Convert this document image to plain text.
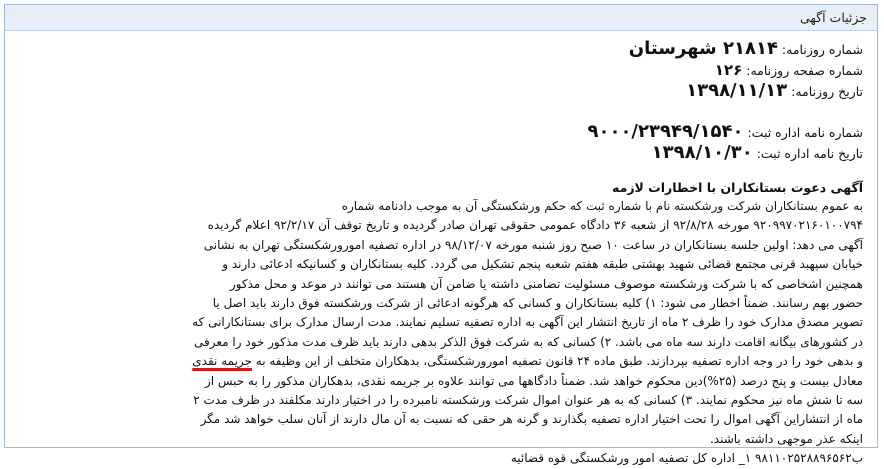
جزئیات آگهی
شماره روزنامه: ۲۱۸۱۴ شهرستان
شماره صفحه روزنامه: ۱۲۶
تاریخ روزنامه: ۱۳۹۸/۱۱/۱۳
شماره نامه اداره ثبت: ۹۰۰۰/۲۳۹۴۹/۱۵۴۰
تاریخ نامه اداره ثبت: ۱۳۹۸/۱۰/۳۰
آگهی دعوت بستانکاران با اخطارات لازمه
به عموم بستانکاران شرکت ورشکسته نام با شماره ثبت که حکم ورشکستگی آن به موجب دادنامه شماره
۹۲۰۹۹۷۰۲۱۶۰۱۰۰۷۹۴ مورخه ۹۲/۸/۲۸ از شعبه ۳۶ دادگاه عمومی حقوقی تهران صادر گردیده و تاریخ توقف آن ۹۲/۲/۱۷ اعلام گردیده
آگهی می دهد: اولین جلسه بستانکاران در ساعت ۱۰ صبح روز شنبه مورخه ۹۸/۱۲/۰۷ در اداره تصفیه امورورشکستگی تهران به نشانی
خیابان سپهبد قرنی مجتمع قضائی شهید بهشتی طبقه هفتم شعبه پنجم تشکیل می گردد. کلیه بستانکاران و کسانیکه ادعائی دارند و
همچنین اشخاصی که با شرکت ورشکسته موصوف مسئولیت تضامنی داشته یا ضامن آن هستند می توانند در موعد و محل مذکور
حضور بهم رسانند. ضمناً اخطار می شود: ۱) کلیه بستانکاران و کسانی که هرگونه ادعائی از شرکت ورشکسته فوق دارند باید اصل یا
تصویر مصدق مدارک خود را ظرف ۲ ماه از تاریخ انتشار این آگهی به اداره تصفیه تسلیم نمایند. مدت ارسال مدارک برای بستانکارانی که
در کشورهای بیگانه اقامت دارند سه ماه می باشد. ۲) کسانی که به شرکت فوق الذکر بدهی دارند باید ظرف مدت مذکور خود را معرفی
و بدهی خود را در وجه اداره تصفیه بپردازند. طبق ماده ۲۴ قانون تصفیه امورورشکستگی، بدهکاران متخلف از این وظیفه به جریمه نقدی
معادل بیست و پنج درصد (۲۵%)دین محکوم خواهد شد. ضمناً دادگاهها می توانند علاوه بر جریمه نقدی، بدهکاران مذکور را به حبس از
سه تا شش ماه نیز محکوم نمایند. ۳) کسانی که به هر عنوان اموال شرکت ورشکسته نامبرده را در اختیار دارند مکلفند در ظرف مدت ۲
ماه از انتشاراین آگهی اموال را تحت اختیار اداره تصفیه بگذارند و گرنه هر حقی که نسبت به آن مال دارند از آنان سلب خواهد شد مگر
اینکه عذر موجهی داشته باشند.
ب۹۸۱۱۰۲۵۲۸۸۹۶۵۶۲ ۱_ اداره کل تصفیه امور ورشکستگی قوه قضائیه
